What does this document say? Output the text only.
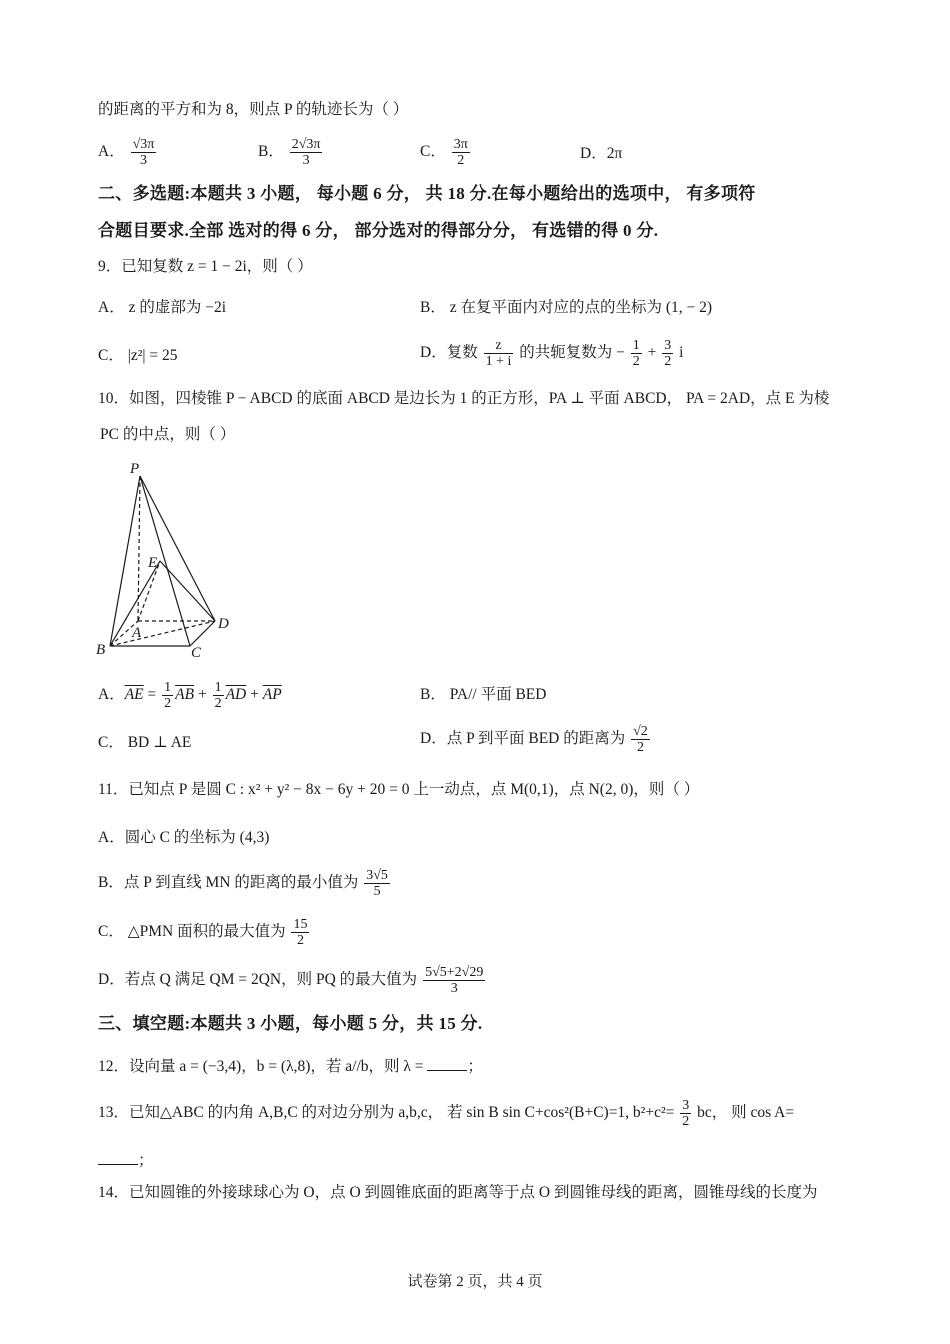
的距离的平方和为 8，则点 P 的轨迹长为（ ）
A． $\frac{√3\pi}{3}$	B． $\frac{2√3\pi}{3}$	C． $\frac{3\pi}{2}$	D．2π
二、多选题:本题共 3 小题， 每小题 6 分， 共 18 分.在每小题给出的选项中， 有多项符
合题目要求.全部 选对的得 6 分， 部分选对的得部分分， 有选错的得 0 分.
9．已知复数 z = 1 − 2i，则（ ）
A． z 的虚部为 −2i	B． z 在复平面内对应的点的坐标为 (1, − 2)
C． |z²| = 25	D．复数 $\frac{z}{1 + i}$ 的共轭复数为 − $\frac{1}{2} + \frac{3}{2}$ i
10．如图，四棱锥 P − ABCD 的底面 ABCD 是边长为 1 的正方形，PA ⊥ 平面 ABCD， PA = 2AD，点 E 为棱
PC 的中点，则（ ）
P
E
A
B	C
D
A．$\overline{AE} = \frac{1}{2} \overline{AB} + \frac{1}{2} \overline{AD} + \overline{AP}$	B． PA// 平面 BED
C． BD ⊥ AE	D．点 P 到平面 BED 的距离为 $\frac{√2}{2}$
11．已知点 P 是圆 C : x² + y² − 8x − 6y + 20 = 0 上一动点，点 M(0,1)，点 N(2, 0)，则（ ）
A．圆心 C 的坐标为 (4,3)
B．点 P 到直线 MN 的距离的最小值为 $\frac{3√5}{5}$
C． △PMN 面积的最大值为 $\frac{15}{2}$
D．若点 Q 满足 QM = 2QN，则 PQ 的最大值为 $\frac{5√5+2√29}{3}$
三、填空题:本题共 3 小题，每小题 5 分，共 15 分.
12．设向量 a = (−3,4)，b = (λ,8)，若 a//b，则 λ =	；
13．已知△ABC 的内角 A,B,C 的对边分别为 a,b,c， 若 sin B sin C+cos²(B+C)=1, $b^2+c^2= \frac{3}{2}$ bc， 则 cos A=
；
14．已知圆锥的外接球球心为 O，点 O 到圆锥底面的距离等于点 O 到圆锥母线的距离，圆锥母线的长度为
试卷第 2 页，共 4 页
